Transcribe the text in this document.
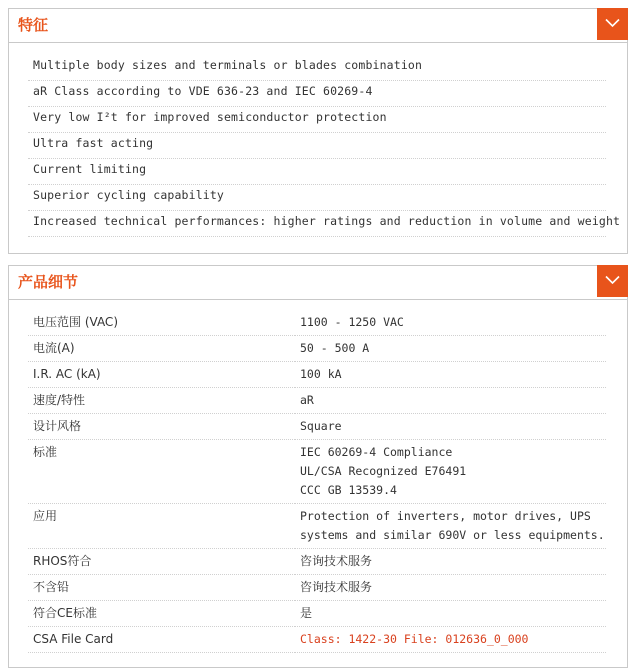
特征
Multiple body sizes and terminals or blades combination
aR Class according to VDE 636-23 and IEC 60269-4
Very low I²t for improved semiconductor protection
Ultra fast acting
Current limiting
Superior cycling capability
Increased technical performances: higher ratings and reduction in volume and weight
产品细节
电压范围 (VAC)	1100 - 1250 VAC

电流(A)	50 - 500 A

I.R. AC (kA)	100 kA

速度/特性	aR

设计风格	Square

标准	IEC 60269-4 Compliance
UL/CSA Recognized E76491
CCC GB 13539.4

应用	Protection of inverters, motor drives, UPS
systems and similar 690V or less equipments.

RHOS符合	咨询技术服务

不含铅	咨询技术服务

符合CE标准	是

CSA File Card	Class: 1422-30 File: 012636_0_000
